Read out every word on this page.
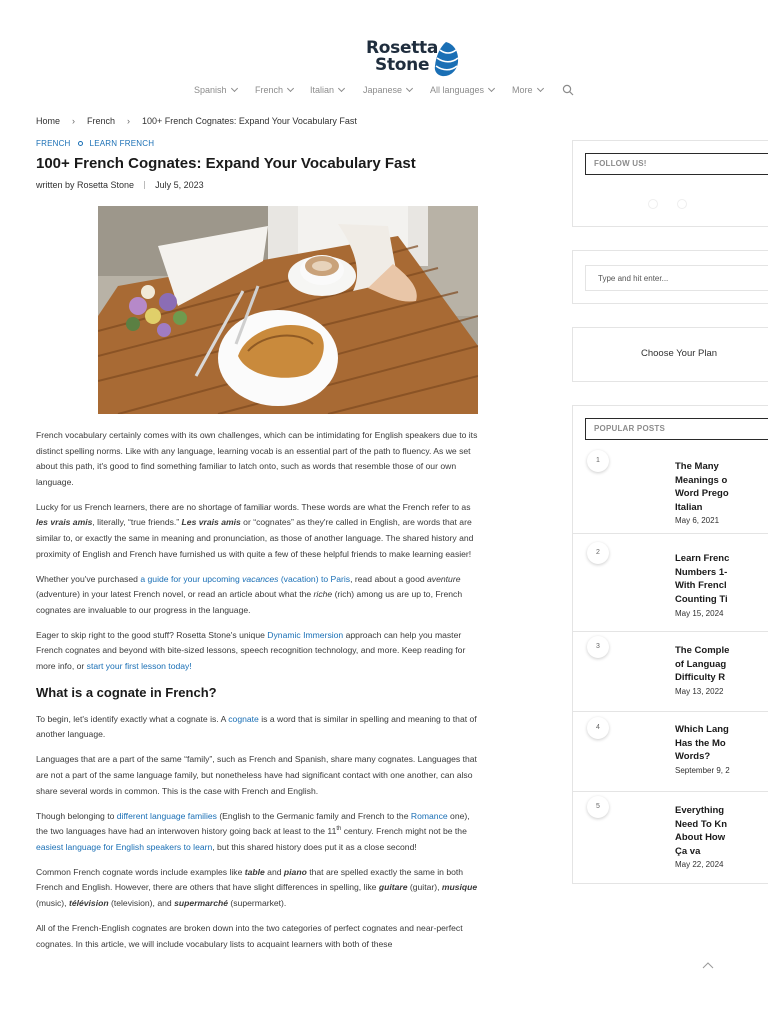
Rosetta
Stone
Spanish	French	Italian	Japanese	All languages	More
Home › French › 100+ French Cognates: Expand Your Vocabulary Fast
FRENCH LEARN FRENCH
100+ French Cognates: Expand Your Vocabulary Fast
written by Rosetta Stone July 5, 2023

French vocabulary certainly comes with its own challenges, which can be intimidating for English speakers due to its distinct spelling norms. Like with any language, learning vocab is an essential part of the path to fluency. As we set about this path, it's good to find something familiar to latch onto, such as words that resemble those of our own language.

Lucky for us French learners, there are no shortage of familiar words. These words are what the French refer to as les vrais amis, literally, “true friends.” Les vrais amis or “cognates” as they're called in English, are words that are similar to, or exactly the same in meaning and pronunciation, as those of another language. The shared history and proximity of English and French have furnished us with quite a few of these helpful friends to make learning easier!

Whether you've purchased a guide for your upcoming vacances (vacation) to Paris, read about a good aventure (adventure) in your latest French novel, or read an article about what the riche (rich) among us are up to, French cognates are invaluable to our progress in the language.

Eager to skip right to the good stuff? Rosetta Stone's unique Dynamic Immersion approach can help you master French cognates and beyond with bite-sized lessons, speech recognition technology, and more. Keep reading for more info, or start your first lesson today!

What is a cognate in French?

To begin, let's identify exactly what a cognate is. A cognate is a word that is similar in spelling and meaning to that of another language.

Languages that are a part of the same “family”, such as French and Spanish, share many cognates. Languages that are not a part of the same language family, but nonetheless have had significant contact with one another, can also share several words in common. This is the case with French and English.

Though belonging to different language families (English to the Germanic family and French to the Romance one), the two languages have had an interwoven history going back at least to the 11th century. French might not be the easiest language for English speakers to learn, but this shared history does put it as a close second!

Common French cognate words include examples like table and piano that are spelled exactly the same in both French and English. However, there are others that have slight differences in spelling, like guitare (guitar), musique (music), télévision (television), and supermarché (supermarket).

All of the French-English cognates are broken down into the two categories of perfect cognates and near-perfect cognates. In this article, we will include vocabulary lists to acquaint learners with both of these

FOLLOW US!
Type and hit enter...
Choose Your Plan
POPULAR POSTS
1
The Many
Meanings o
Word Prego
Italian
May 6, 2021
2
Learn Frenc
Numbers 1-
With Frencl
Counting Ti
May 15, 2024
3	The Comple
of Languag
Difficulty R
May 13, 2022
4	Which Lang
Has the Mo
Words?
September 9, 2
5	Everything
Need To Kn
About How
Ça va
May 22, 2024
